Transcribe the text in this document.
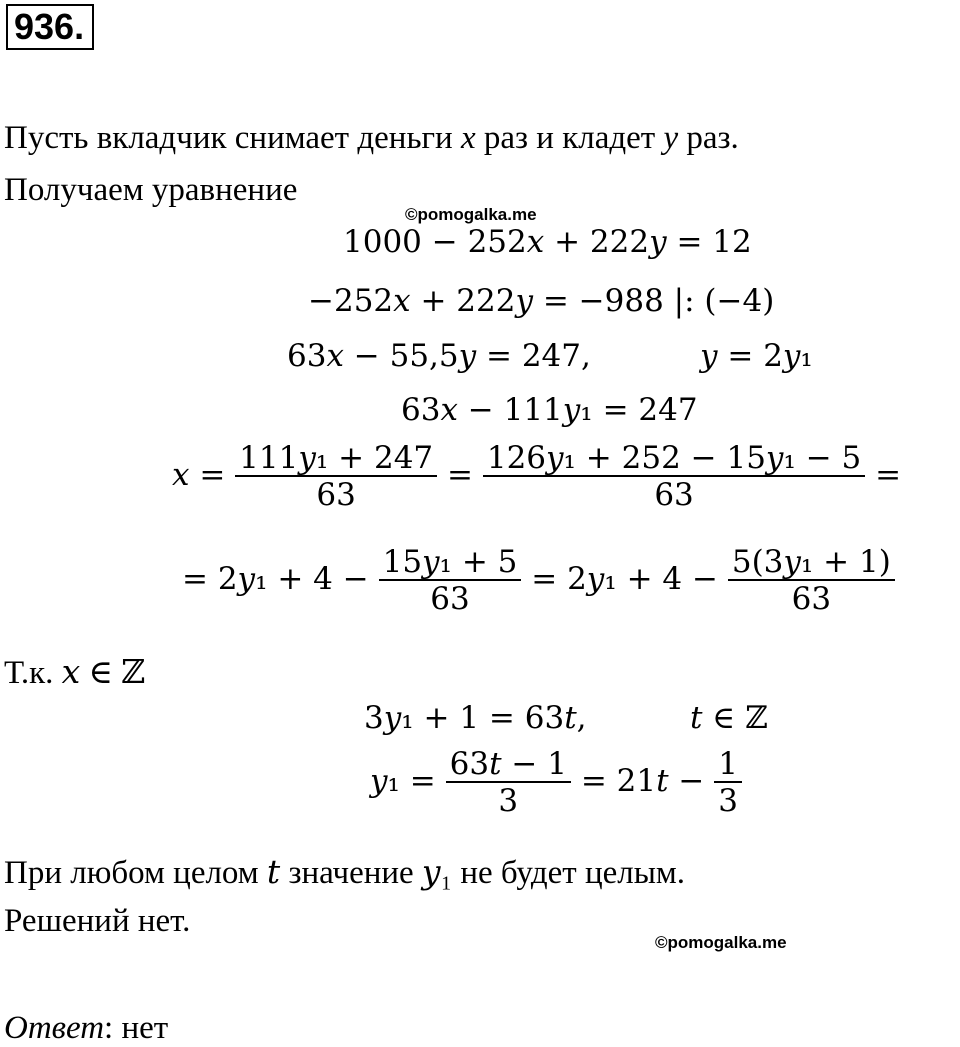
936.
Пусть вкладчик снимает деньги x раз и кладет y раз.
Получаем уравнение
©pomogalka.me
1000 − 252𝑥 + 222𝑦 = 12
−252𝑥 + 222𝑦 = −988 |: (−4)
63𝑥 − 55,5𝑦 = 247,	𝑦 = 2𝑦₁
63𝑥 − 111𝑦₁ = 247
𝑥 = $\frac{\text{111𝑦₁ + 247}}{63} = \frac{\text{126𝑦₁ + 252 − 15𝑦₁ − 5}}{63}$ =
= 2𝑦₁ + $4 - \frac{\text{15𝑦₁ + 5}}{63}$ = 2𝑦₁ + $4 - \frac{\text{5(3𝑦₁ + 1)}}{63}$
Т.к. 𝑥 ∈ ℤ
3𝑦₁ + 1 = 63𝑡,	𝑡 ∈ ℤ
𝑦₁ = $\frac{\text{63𝑡 − 1}}{3}$ = 21𝑡 − $\frac{1}{3}$
При любом целом 𝑡 значение 𝑦₁ не будет целым.
Решений нет.
©pomogalka.me
Ответ: нет
